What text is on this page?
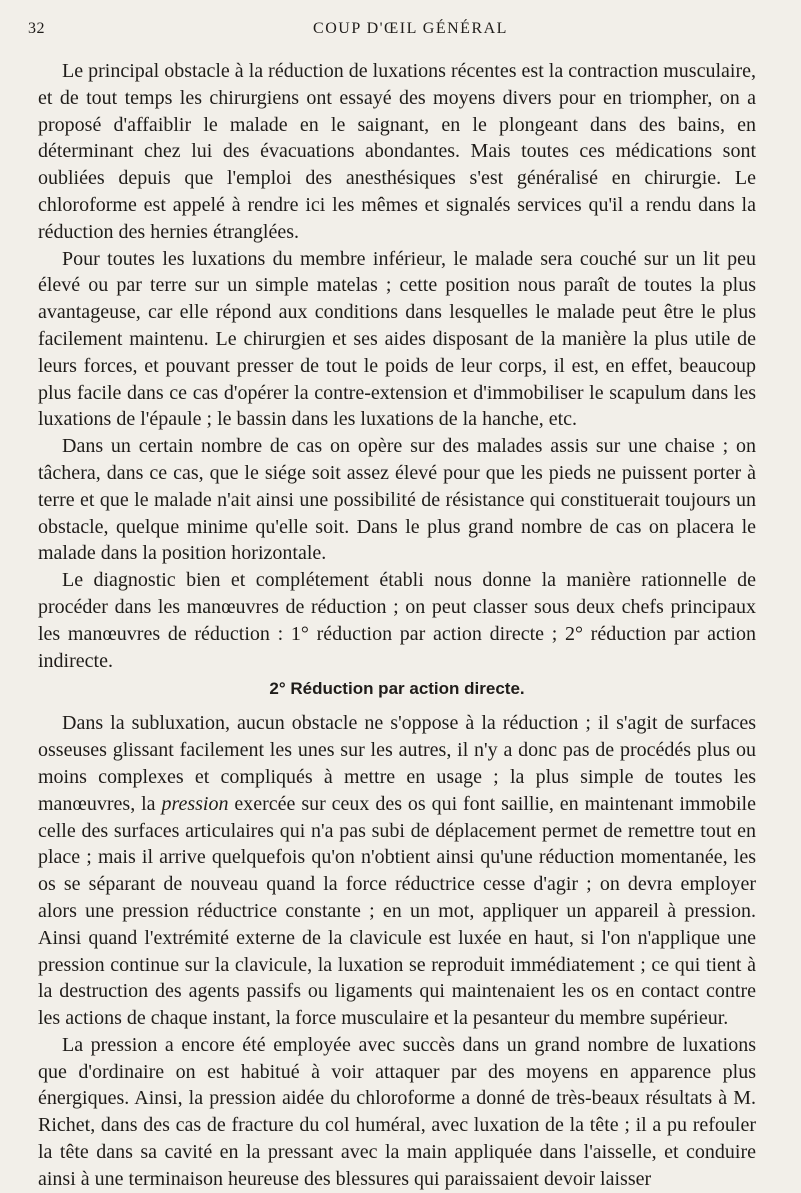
32	COUP D'ŒIL GÉNÉRAL

Le principal obstacle à la réduction de luxations récentes est la contraction musculaire, et de tout temps les chirurgiens ont essayé des moyens divers pour en triompher, on a proposé d'affaiblir le malade en le saignant, en le plongeant dans des bains, en déterminant chez lui des évacuations abondantes. Mais toutes ces médications sont oubliées depuis que l'emploi des anesthésiques s'est généralisé en chirurgie. Le chloroforme est appelé à rendre ici les mêmes et signalés services qu'il a rendu dans la réduction des hernies étranglées.

Pour toutes les luxations du membre inférieur, le malade sera couché sur un lit peu élevé ou par terre sur un simple matelas ; cette position nous paraît de toutes la plus avantageuse, car elle répond aux conditions dans lesquelles le malade peut être le plus facilement maintenu. Le chirurgien et ses aides disposant de la manière la plus utile de leurs forces, et pouvant presser de tout le poids de leur corps, il est, en effet, beaucoup plus facile dans ce cas d'opérer la contre-extension et d'immobiliser le scapulum dans les luxations de l'épaule ; le bassin dans les luxations de la hanche, etc.

Dans un certain nombre de cas on opère sur des malades assis sur une chaise ; on tâchera, dans ce cas, que le siége soit assez élevé pour que les pieds ne puissent porter à terre et que le malade n'ait ainsi une possibilité de résistance qui constituerait toujours un obstacle, quelque minime qu'elle soit. Dans le plus grand nombre de cas on placera le malade dans la position horizontale.

Le diagnostic bien et complétement établi nous donne la manière rationnelle de procéder dans les manœuvres de réduction ; on peut classer sous deux chefs principaux les manœuvres de réduction : 1° réduction par action directe ; 2° réduction par action indirecte.

2° Réduction par action directe.

Dans la subluxation, aucun obstacle ne s'oppose à la réduction ; il s'agit de surfaces osseuses glissant facilement les unes sur les autres, il n'y a donc pas de procédés plus ou moins complexes et compliqués à mettre en usage ; la plus simple de toutes les manœuvres, la pression exercée sur ceux des os qui font saillie, en maintenant immobile celle des surfaces articulaires qui n'a pas subi de déplacement permet de remettre tout en place ; mais il arrive quelquefois qu'on n'obtient ainsi qu'une réduction momentanée, les os se séparant de nouveau quand la force réductrice cesse d'agir ; on devra employer alors une pression réductrice constante ; en un mot, appliquer un appareil à pression. Ainsi quand l'extrémité externe de la clavicule est luxée en haut, si l'on n'applique une pression continue sur la clavicule, la luxation se reproduit immédiatement ; ce qui tient à la destruction des agents passifs ou ligaments qui maintenaient les os en contact contre les actions de chaque instant, la force musculaire et la pesanteur du membre supérieur.

La pression a encore été employée avec succès dans un grand nombre de luxations que d'ordinaire on est habitué à voir attaquer par des moyens en apparence plus énergiques. Ainsi, la pression aidée du chloroforme a donné de très-beaux résultats à M. Richet, dans des cas de fracture du col huméral, avec luxation de la tête ; il a pu refouler la tête dans sa cavité en la pressant avec la main appliquée dans l'aisselle, et conduire ainsi à une terminaison heureuse des blessures qui paraissaient devoir laisser
